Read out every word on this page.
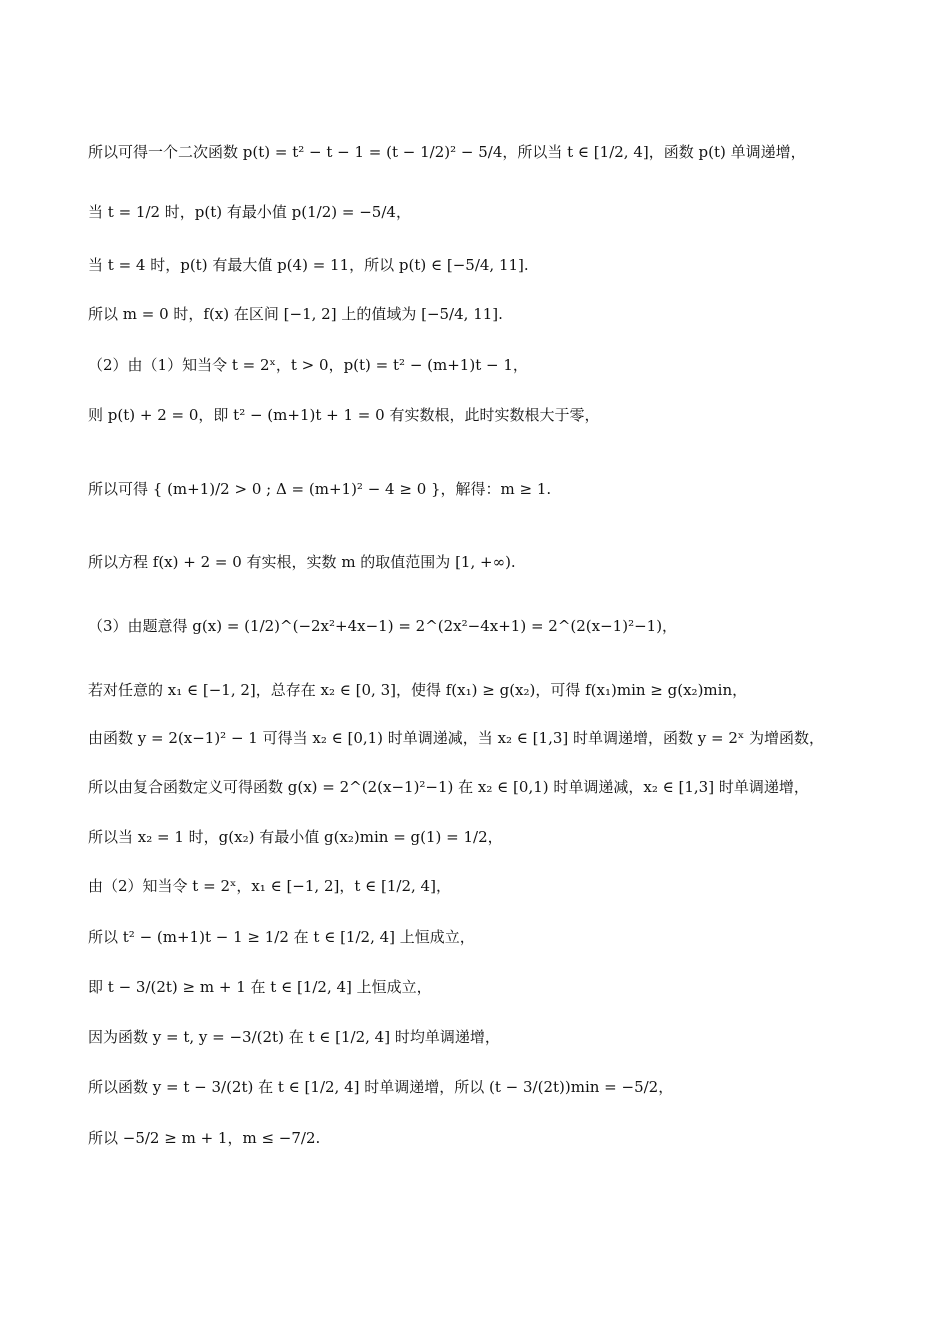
所以可得一个二次函数 p(t) = t² − t − 1 = (t − 1/2)² − 5/4，所以当 t ∈ [1/2, 4]，函数 p(t) 单调递增，
当 t = 1/2 时，p(t) 有最小值 p(1/2) = −5/4，
当 t = 4 时，p(t) 有最大值 p(4) = 11，所以 p(t) ∈ [−5/4, 11].
所以 m = 0 时，f(x) 在区间 [−1, 2] 上的值域为 [−5/4, 11].
（2）由（1）知当令 t = 2ˣ，t > 0，p(t) = t² − (m+1)t − 1，
则 p(t) + 2 = 0，即 t² − (m+1)t + 1 = 0 有实数根，此时实数根大于零，
所以可得 { (m+1)/2 > 0 ; Δ = (m+1)² − 4 ≥ 0 }，解得：m ≥ 1.
所以方程 f(x) + 2 = 0 有实根，实数 m 的取值范围为 [1, +∞).
（3）由题意得 g(x) = (1/2)^(−2x²+4x−1) = 2^(2x²−4x+1) = 2^(2(x−1)²−1)，
若对任意的 x₁ ∈ [−1, 2]，总存在 x₂ ∈ [0, 3]，使得 f(x₁) ≥ g(x₂)，可得 f(x₁)min ≥ g(x₂)min，
由函数 y = 2(x−1)² − 1 可得当 x₂ ∈ [0,1) 时单调递减，当 x₂ ∈ [1,3] 时单调递增，函数 y = 2ˣ 为增函数，
所以由复合函数定义可得函数 g(x) = 2^(2(x−1)²−1) 在 x₂ ∈ [0,1) 时单调递减，x₂ ∈ [1,3] 时单调递增，
所以当 x₂ = 1 时，g(x₂) 有最小值 g(x₂)min = g(1) = 1/2，
由（2）知当令 t = 2ˣ，x₁ ∈ [−1, 2]，t ∈ [1/2, 4]，
所以 t² − (m+1)t − 1 ≥ 1/2 在 t ∈ [1/2, 4] 上恒成立，
即 t − 3/(2t) ≥ m + 1 在 t ∈ [1/2, 4] 上恒成立，
因为函数 y = t, y = −3/(2t) 在 t ∈ [1/2, 4] 时均单调递增，
所以函数 y = t − 3/(2t) 在 t ∈ [1/2, 4] 时单调递增，所以 (t − 3/(2t))min = −5/2，
所以 −5/2 ≥ m + 1，m ≤ −7/2.
